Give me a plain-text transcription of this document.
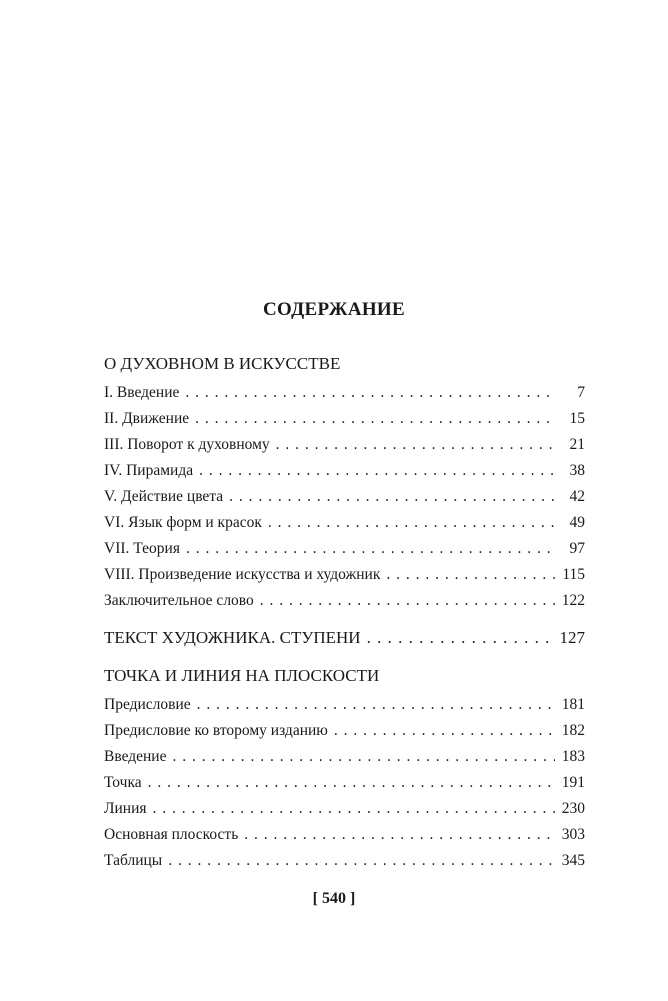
СОДЕРЖАНИЕ
О ДУХОВНОМ В ИСКУССТВЕ
I. Введение . . .	7
II. Движение . . .	15
III. Поворот к духовному . . .	21
IV. Пирамида . . .	38
V. Действие цвета . . .	42
VI. Язык форм и красок . . .	49
VII. Теория . . .	97
VIII. Произведение искусства и художник . . .	115
Заключительное слово . . .	122
ТЕКСТ ХУДОЖНИКА. СТУПЕНИ . . .	127
ТОЧКА И ЛИНИЯ НА ПЛОСКОСТИ
Предисловие . . .	181
Предисловие ко второму изданию . . .	182
Введение . . .	183
Точка . . .	191
Линия . . .	230
Основная плоскость . . .	303
Таблицы . . .	345
[ 540 ]
